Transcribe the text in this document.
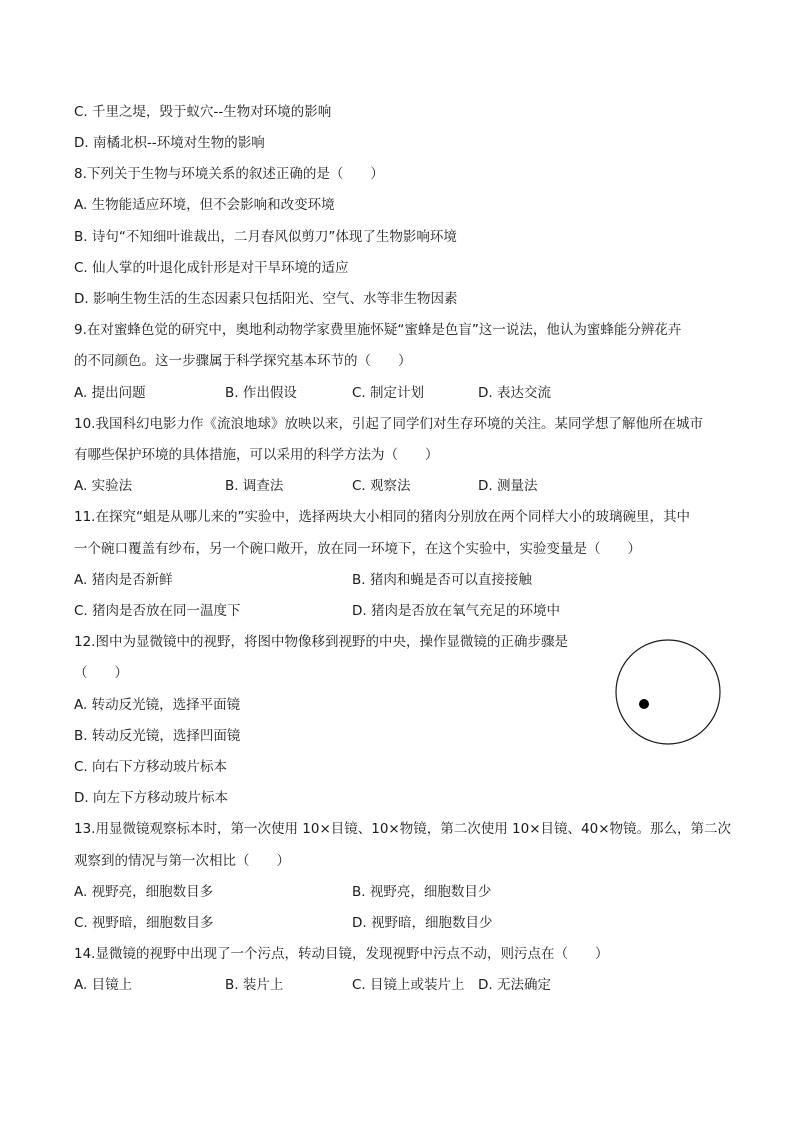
C. 千里之堤，毁于蚁穴--生物对环境的影响
D. 南橘北枳--环境对生物的影响
8.下列关于生物与环境关系的叙述正确的是（　　）
A. 生物能适应环境，但不会影响和改变环境
B. 诗句“不知细叶谁裁出，二月春风似剪刀”体现了生物影响环境
C. 仙人掌的叶退化成针形是对干旱环境的适应
D. 影响生物生活的生态因素只包括阳光、空气、水等非生物因素
9.在对蜜蜂色觉的研究中，奥地利动物学家费里施怀疑“蜜蜂是色盲”这一说法，他认为蜜蜂能分辨花卉
的不同颜色。这一步骤属于科学探究基本环节的（　　）
A. 提出问题	B. 作出假设	C. 制定计划	D. 表达交流
10.我国科幻电影力作《流浪地球》放映以来，引起了同学们对生存环境的关注。某同学想了解他所在城市
有哪些保护环境的具体措施，可以采用的科学方法为（　　）
A. 实验法	B. 调查法	C. 观察法	D. 测量法
11.在探究“蛆是从哪儿来的”实验中，选择两块大小相同的猪肉分别放在两个同样大小的玻璃碗里，其中
一个碗口覆盖有纱布，另一个碗口敞开，放在同一环境下，在这个实验中，实验变量是（　　）
A. 猪肉是否新鲜	B. 猪肉和蝇是否可以直接接触
C. 猪肉是否放在同一温度下	D. 猪肉是否放在氧气充足的环境中
12.图中为显微镜中的视野，将图中物像移到视野的中央，操作显微镜的正确步骤是
（　　）
A. 转动反光镜，选择平面镜
B. 转动反光镜，选择凹面镜
C. 向右下方移动玻片标本
D. 向左下方移动玻片标本
13.用显微镜观察标本时，第一次使用 10×目镜、10×物镜，第二次使用 10×目镜、40×物镜。那么，第二次
观察到的情况与第一次相比（　　）
A. 视野亮，细胞数目多	B. 视野亮，细胞数目少
C. 视野暗，细胞数目多	D. 视野暗，细胞数目少
14.显微镜的视野中出现了一个污点，转动目镜，发现视野中污点不动，则污点在（　　）
A. 目镜上	B. 装片上	C. 目镜上或装片上 D. 无法确定
